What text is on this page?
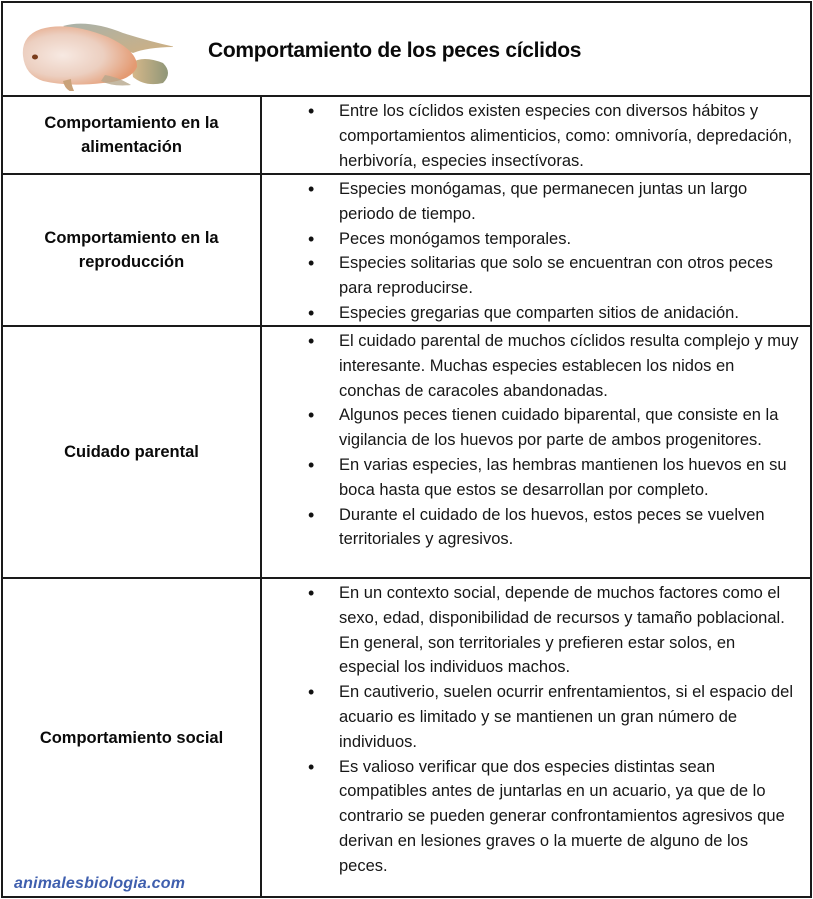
Comportamiento de los peces cíclidos
Comportamiento en la alimentación
• Entre los cíclidos existen especies con diversos hábitos y comportamientos alimenticios, como: omnivoría, depredación, herbivoría, especies insectívoras.
Comportamiento en la reproducción
• Especies monógamas, que permanecen juntas un largo periodo de tiempo.
• Peces monógamos temporales.
• Especies solitarias que solo se encuentran con otros peces para reproducirse.
• Especies gregarias que comparten sitios de anidación.
Cuidado parental
• El cuidado parental de muchos cíclidos resulta complejo y muy interesante. Muchas especies establecen los nidos en conchas de caracoles abandonadas.
• Algunos peces tienen cuidado biparental, que consiste en la vigilancia de los huevos por parte de ambos progenitores.
• En varias especies, las hembras mantienen los huevos en su boca hasta que estos se desarrollan por completo.
• Durante el cuidado de los huevos, estos peces se vuelven territoriales y agresivos.
Comportamiento social
• En un contexto social, depende de muchos factores como el sexo, edad, disponibilidad de recursos y tamaño poblacional. En general, son territoriales y prefieren estar solos, en especial los individuos machos.
• En cautiverio, suelen ocurrir enfrentamientos, si el espacio del acuario es limitado y se mantienen un gran número de individuos.
• Es valioso verificar que dos especies distintas sean compatibles antes de juntarlas en un acuario, ya que de lo contrario se pueden generar confrontamientos agresivos que derivan en lesiones graves o la muerte de alguno de los peces.
animalesbiologia.com
